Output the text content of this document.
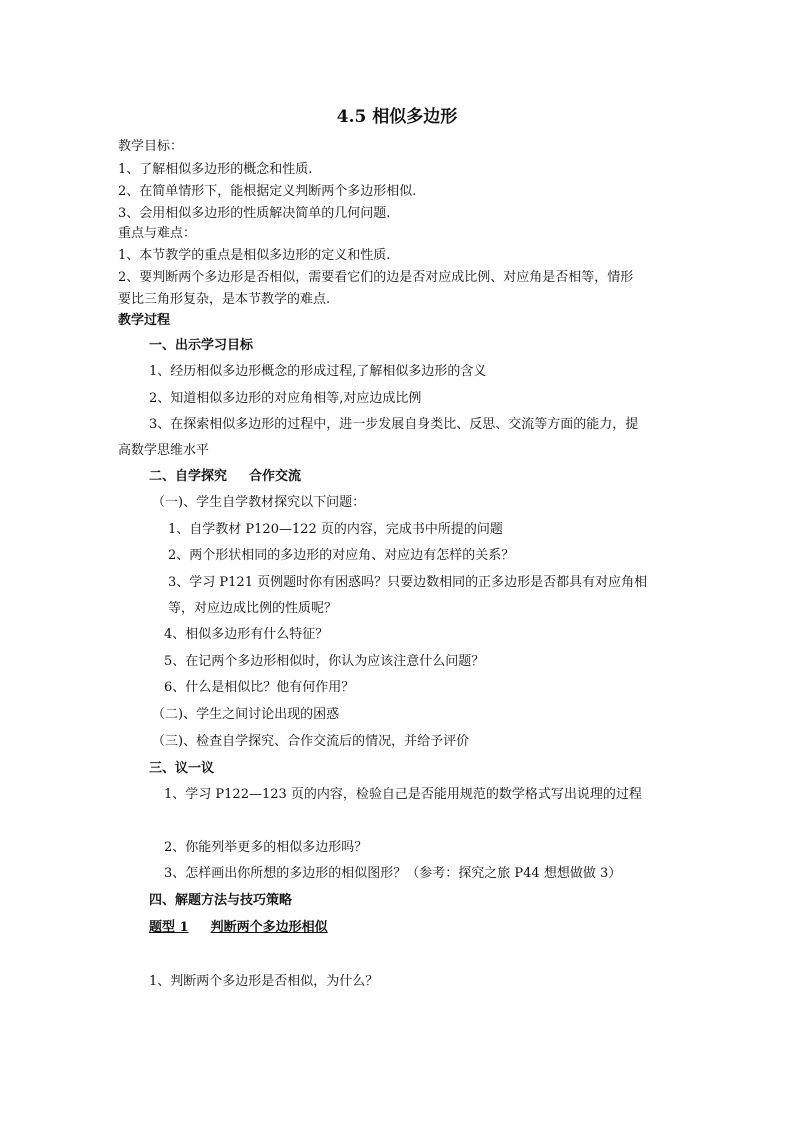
4.5 相似多边形
教学目标：
1、了解相似多边形的概念和性质.
2、在简单情形下，能根据定义判断两个多边形相似.
3、会用相似多边形的性质解决简单的几何问题.
重点与难点：
1、本节教学的重点是相似多边形的定义和性质.
2、要判断两个多边形是否相似，需要看它们的边是否对应成比例、对应角是否相等，情形
要比三角形复杂，是本节教学的难点.
教学过程
一、出示学习目标
1、经历相似多边形概念的形成过程,了解相似多边形的含义
2、知道相似多边形的对应角相等,对应边成比例
3、在探索相似多边形的过程中，进一步发展自身类比、反思、交流等方面的能力，提
高数学思维水平
二、自学探究 合作交流
（一)、学生自学教材探究以下问题：
1、自学教材 P120—122 页的内容，完成书中所提的问题
2、两个形状相同的多边形的对应角、对应边有怎样的关系？
3、学习 P121 页例题时你有困惑吗？只要边数相同的正多边形是否都具有对应角相
等，对应边成比例的性质呢？
4、相似多边形有什么特征？
5、在记两个多边形相似时，你认为应该注意什么问题？
6、什么是相似比？他有何作用？
（二)、学生之间讨论出现的困惑
（三)、检查自学探究、合作交流后的情况，并给予评价
三、议一议
1、学习 P122—123 页的内容，检验自己是否能用规范的数学格式写出说理的过程
2、你能列举更多的相似多边形吗？
3、怎样画出你所想的多边形的相似图形？（参考：探究之旅 P44 想想做做 3）
四、解题方法与技巧策略
题型 1 判断两个多边形相似
1、判断两个多边形是否相似，为什么？
